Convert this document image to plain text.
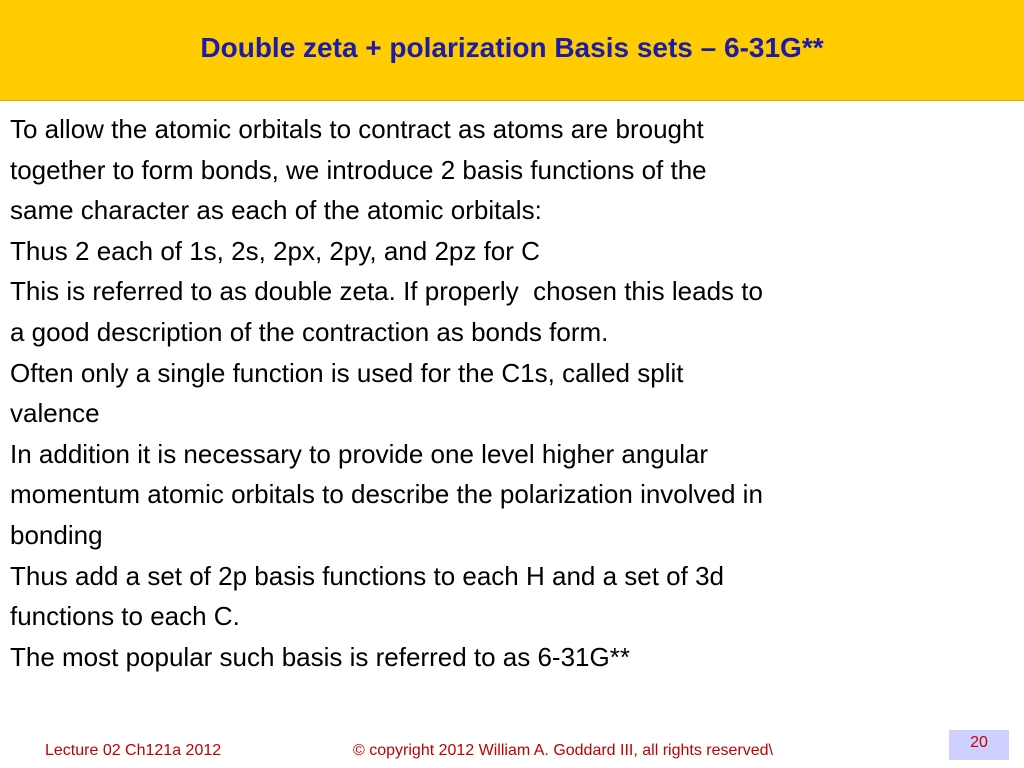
Double zeta + polarization Basis sets – 6-31G**
To allow the atomic orbitals to contract as atoms are brought
together to form bonds, we introduce 2 basis functions of the
same character as each of the atomic orbitals:
Thus 2 each of 1s, 2s, 2px, 2py, and 2pz for C
This is referred to as double zeta. If properly  chosen this leads to
a good description of the contraction as bonds form.
Often only a single function is used for the C1s, called split
valence
In addition it is necessary to provide one level higher angular
momentum atomic orbitals to describe the polarization involved in
bonding
Thus add a set of 2p basis functions to each H and a set of 3d
functions to each C.
The most popular such basis is referred to as 6-31G**
Lecture 02 Ch121a 2012	© copyright 2012 William A. Goddard III, all rights reserved\	20
